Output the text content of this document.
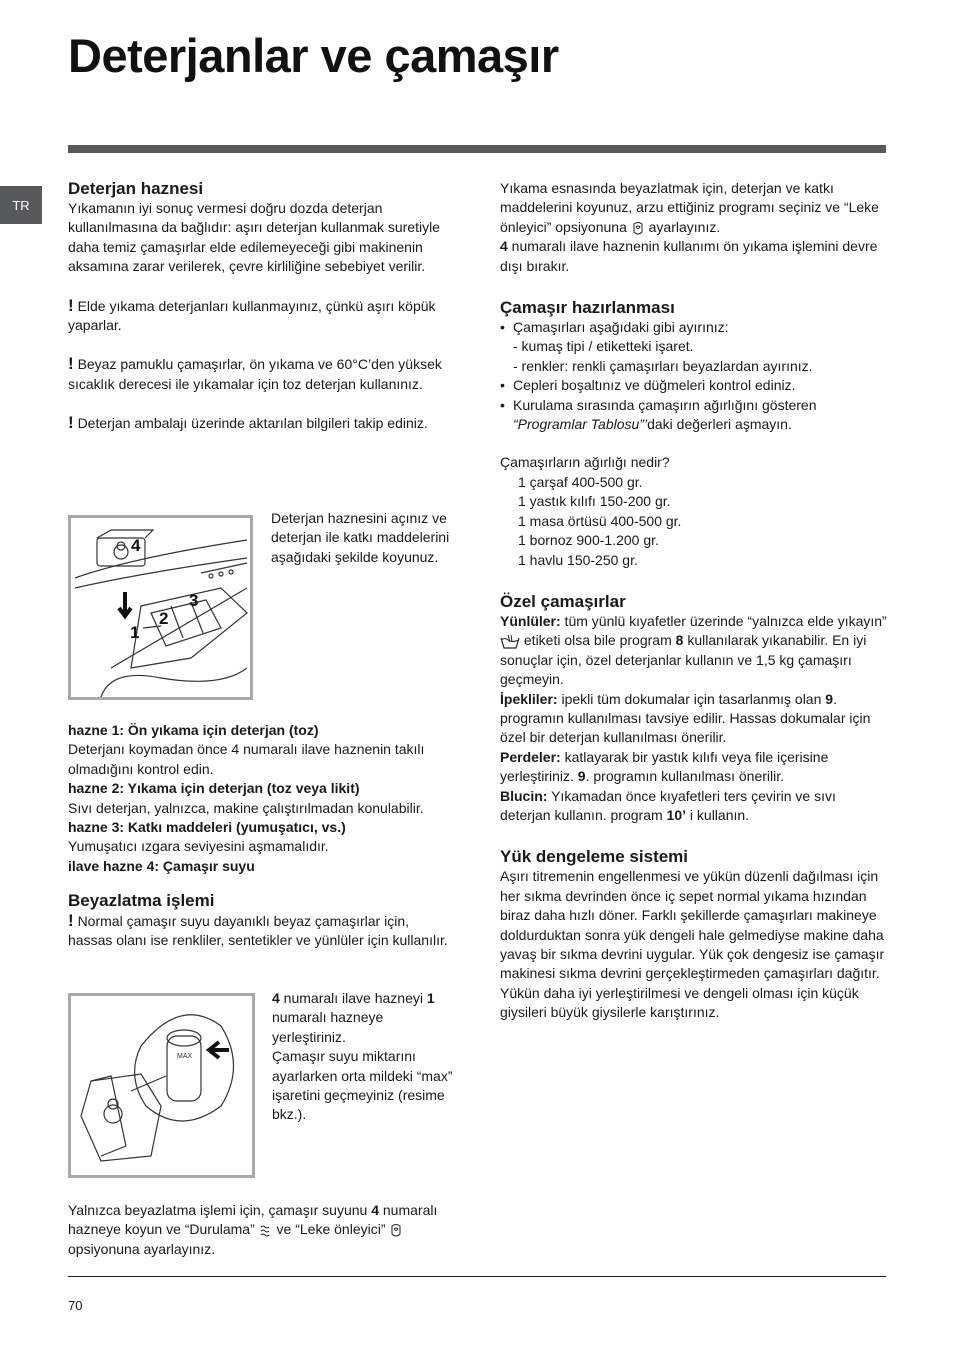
Deterjanlar ve çamaşır
TR
Deterjan haznesi

Yıkamanın iyi sonuç vermesi doğru dozda deterjan kullanılmasına da bağlıdır: aşırı deterjan kullanmak suretiyle daha temiz çamaşırlar elde edilemeyeceği gibi makinenin aksamına zarar verilerek, çevre kirliliğine sebebiyet verilir.

! Elde yıkama deterjanları kullanmayınız, çünkü aşırı köpük yaparlar.

! Beyaz pamuklu çamaşırlar, ön yıkama ve 60°C’den yüksek sıcaklık derecesi ile yıkamalar için toz deterjan kullanınız.

! Deterjan ambalajı üzerinde aktarılan bilgileri takip ediniz.

4
3
2
1
Deterjan haznesini açınız ve deterjan ile katkı maddelerini aşağıdaki şekilde koyunuz.

hazne 1: Ön yıkama için deterjan (toz)

Deterjanı koymadan önce 4 numaralı ilave haznenin takılı olmadığını kontrol edin.

hazne 2: Yıkama için deterjan (toz veya likit)

Sıvı deterjan, yalnızca, makine çalıştırılmadan konulabilir.

hazne 3: Katkı maddeleri (yumuşatıcı, vs.)

Yumuşatıcı ızgara seviyesini aşmamalıdır.

ilave hazne 4: Çamaşır suyu

Beyazlatma işlemi

! Normal çamaşır suyu dayanıklı beyaz çamaşırlar için, hassas olanı ise renkliler, sentetikler ve yünlüler için kullanılır.

MAX

4 numaralı ilave hazneyi 1 numaralı hazneye yerleştiriniz.

Çamaşır suyu miktarını ayarlarken orta mildeki “max” işaretini geçmeyiniz (resime bkz.).

Yalnızca beyazlatma işlemi için, çamaşır suyunu 4 numaralı hazneye koyun ve “Durulama”  ve “Leke önleyici”  opsiyonuna ayarlayınız.

Yıkama esnasında beyazlatmak için, deterjan ve katkı maddelerini koyunuz, arzu ettiğiniz programı seçiniz ve “Leke önleyici” opsiyonuna  ayarlayınız.

4 numaralı ilave haznenin kullanımı ön yıkama işlemini devre dışı bırakır.

Çamaşır hazırlanması

• Çamaşırları aşağıdaki gibi ayırınız:

- kumaş tipi / etiketteki işaret.

- renkler: renkli çamaşırları beyazlardan ayırınız.

• Cepleri boşaltınız ve düğmeleri kontrol ediniz.

• Kurulama sırasında çamaşırın ağırlığını gösteren “Programlar Tablosu”’daki değerleri aşmayın.

Çamaşırların ağırlığı nedir?

1 çarşaf 400-500 gr.

1 yastık kılıfı 150-200 gr.

1 masa örtüsü 400-500 gr.

1 bornoz 900-1.200 gr.

1 havlu 150-250 gr.

Özel çamaşırlar

Yünlüler: tüm yünlü kıyafetler üzerinde “yalnızca elde yıkayın”  etiketi olsa bile program 8 kullanılarak yıkanabilir. En iyi sonuçlar için, özel deterjanlar kullanın ve 1,5 kg çamaşırı geçmeyin.

İpekliler: ipekli tüm dokumalar için tasarlanmış olan 9. programın kullanılması tavsiye edilir. Hassas dokumalar için özel bir deterjan kullanılması önerilir.

Perdeler: katlayarak bir yastık kılıfı veya file içerisine yerleştiriniz. 9. programın kullanılması önerilir.

Blucin: Yıkamadan önce kıyafetleri ters çevirin ve sıvı deterjan kullanın. program 10’ i kullanın.

Yük dengeleme sistemi

Aşırı titremenin engellenmesi ve yükün düzenli dağılması için her sıkma devrinden önce iç sepet normal yıkama hızından biraz daha hızlı döner. Farklı şekillerde çamaşırları makineye doldurduktan sonra yük dengeli hale gelmediyse makine daha yavaş bir sıkma devrini uygular. Yük çok dengesiz ise çamaşır makinesi sıkma devrini gerçekleştirmeden çamaşırları dağıtır. Yükün daha iyi yerleştirilmesi ve dengeli olması için küçük giysileri büyük giysilerle karıştırınız.

70
